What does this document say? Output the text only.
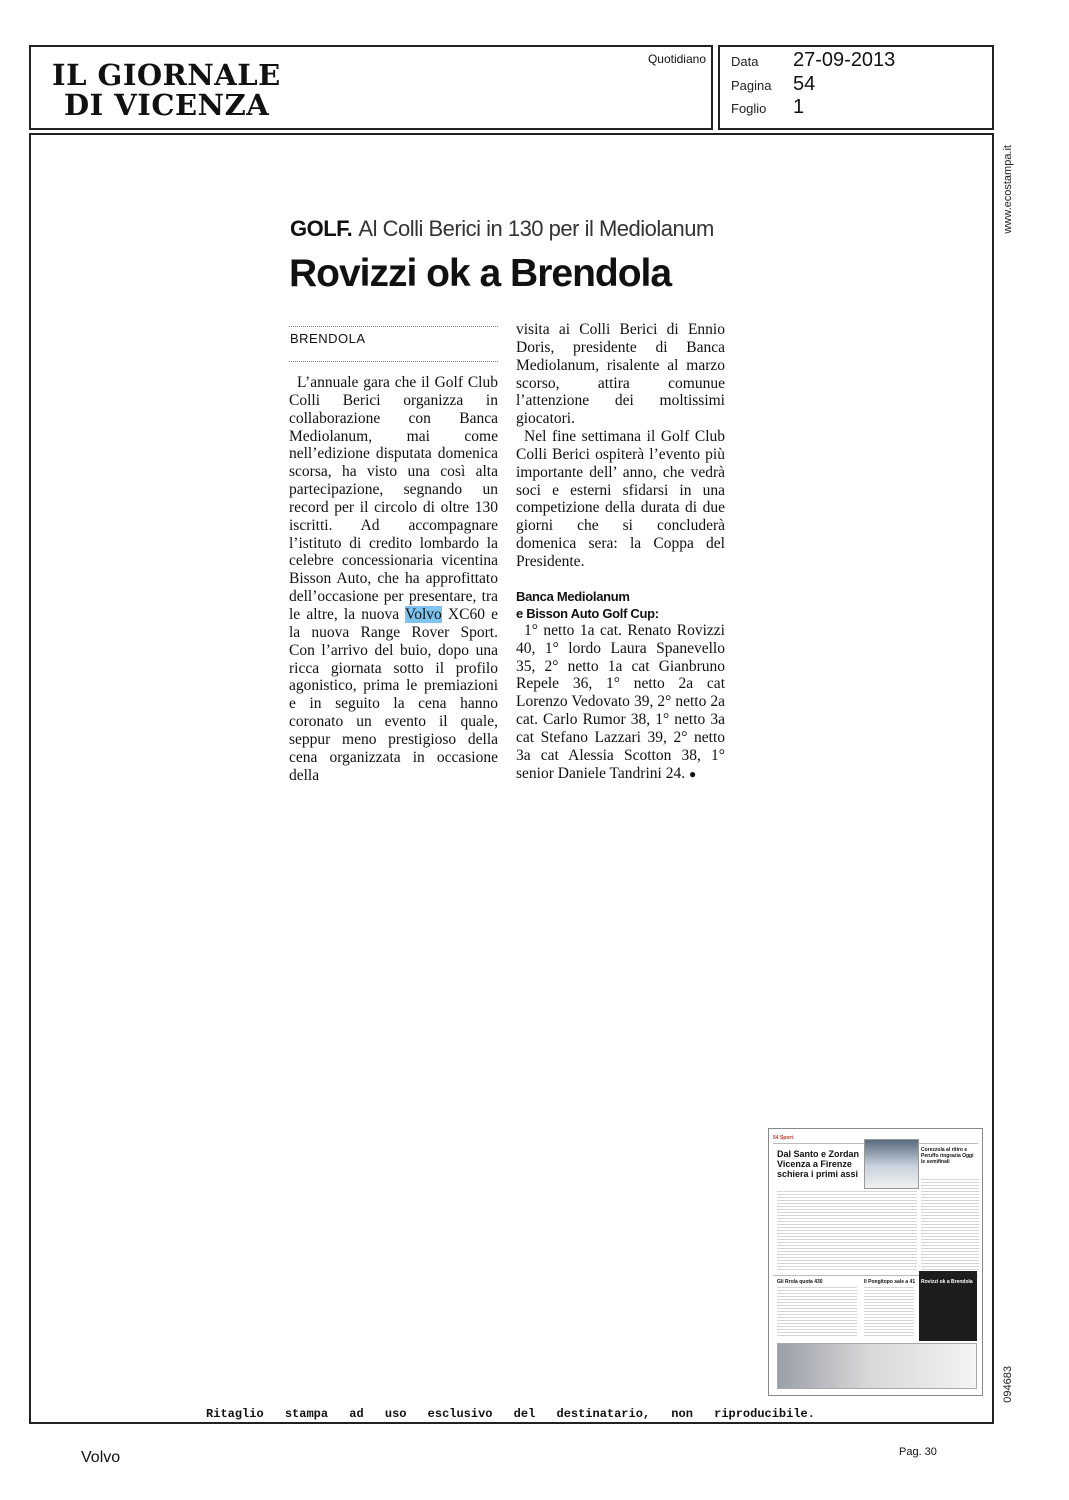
IL GIORNALE
DI VICENZA
Quotidiano Data 27-09-2013
Pagina 54
Foglio 1
www.ecostampa.it
094683
GOLF. Al Colli Berici in 130 per il Mediolanum
Rovizzi ok a Brendola
BRENDOLA

L’annuale gara che il Golf Club Colli Berici organizza in collaborazione con Banca Mediolanum, mai come nell’edizione disputata domenica scorsa, ha visto una così alta partecipazione, segnando un record per il circolo di oltre 130 iscritti. Ad accompagnare l’istituto di credito lombardo la celebre concessionaria vicentina Bisson Auto, che ha approfittato dell’occasione per presentare, tra le altre, la nuova Volvo XC60 e la nuova Range Rover Sport. Con l’arrivo del buio, dopo una ricca giornata sotto il profilo agonistico, prima le premiazioni e in seguito la cena hanno coronato un evento il quale, seppur meno prestigioso della cena organizzata in occasione della

visita ai Colli Berici di Ennio Doris, presidente di Banca Mediolanum, risalente al marzo scorso, attira comunue l’attenzione dei moltissimi giocatori.

Nel fine settimana il Golf Club Colli Berici ospiterà l’evento più importante dell’ anno, che vedrà soci e esterni sfidarsi in una competizione della durata di due giorni che si concluderà domenica sera: la Coppa del Presidente.

Banca Mediolanum
e Bisson Auto Golf Cup:

1° netto 1a cat. Renato Rovizzi 40, 1° lordo Laura Spanevello 35, 2° netto 1a cat Gianbruno Repele 36, 1° netto 2a cat Lorenzo Vedovato 39, 2° netto 2a cat. Carlo Rumor 38, 1° netto 3a cat Stefano Lazzari 39, 2° netto 3a cat Alessia Scotton 38, 1° senior Daniele Tandrini 24. ●

54 Sport
Dal Santo e Zordan
Vicenza a Firenze
schiera i primi assi
Corezzola al ritiro e Peruffo ringrazia Oggi le semifinali
Gli Rrola quota 430	Il Pongitopo sale a 41 Rovizzi ok a Brendola
Ritaglio stampa ad uso esclusivo del destinatario, non riproducibile.
Volvo	Pag. 30
